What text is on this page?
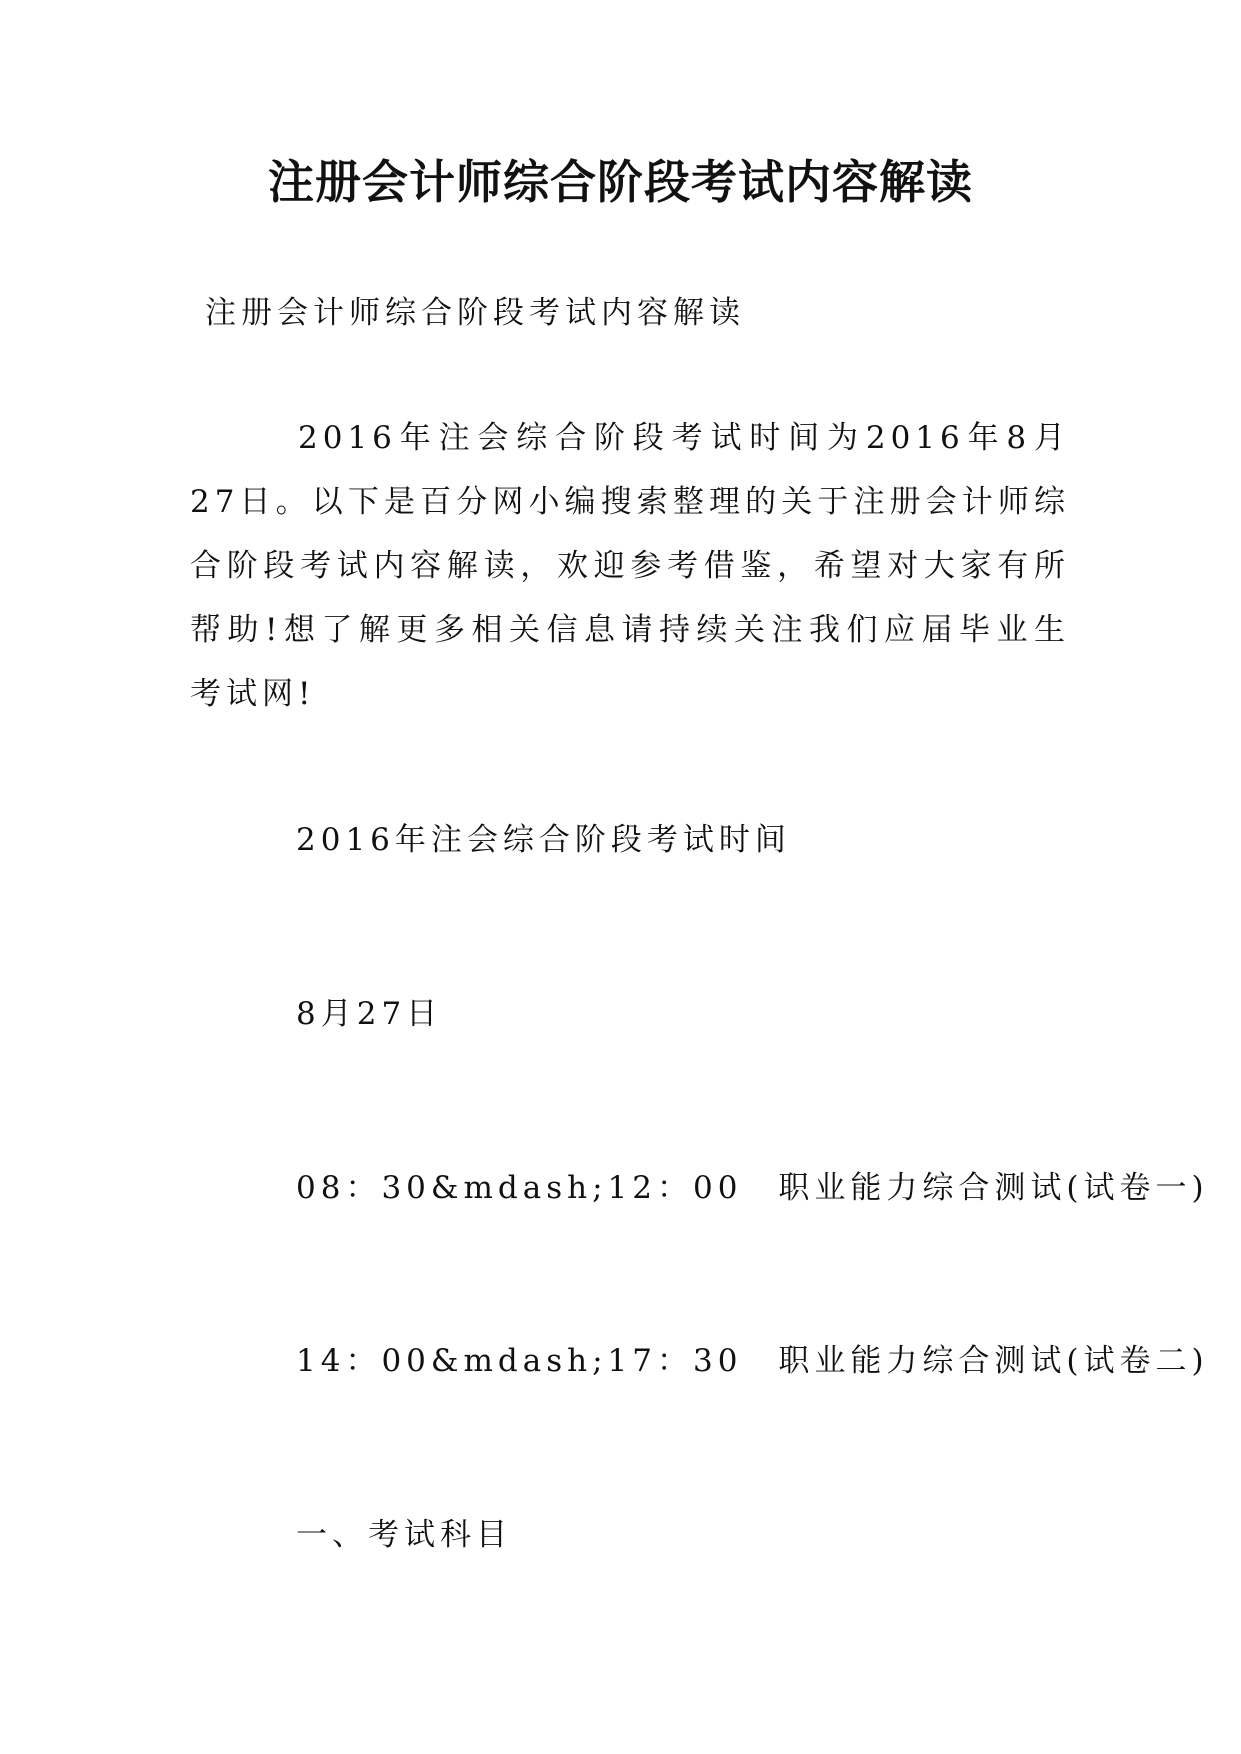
注册会计师综合阶段考试内容解读
注册会计师综合阶段考试内容解读
2016年注会综合阶段考试时间为2016年8月27日。以下是百分网小编搜索整理的关于注册会计师综合阶段考试内容解读，欢迎参考借鉴，希望对大家有所帮助!想了解更多相关信息请持续关注我们应届毕业生考试网!
2016年注会综合阶段考试时间
8月27日
08：30&mdash;12：00 职业能力综合测试(试卷一)
14：00&mdash;17：30 职业能力综合测试(试卷二)
一、考试科目
